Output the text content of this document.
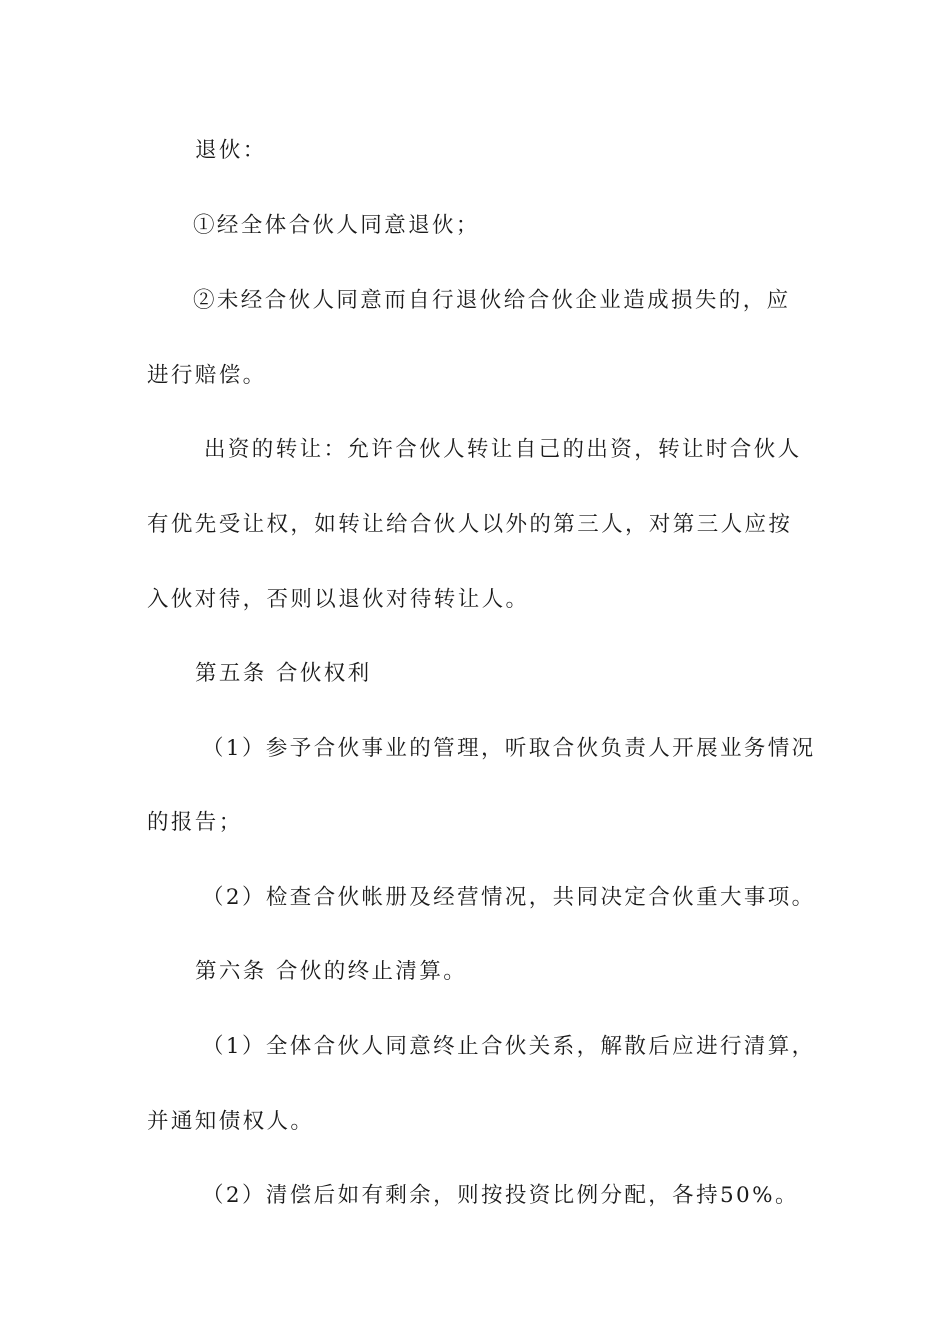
退伙：
①经全体合伙人同意退伙；
②未经合伙人同意而自行退伙给合伙企业造成损失的，应
进行赔偿。
出资的转让：允许合伙人转让自己的出资，转让时合伙人
有优先受让权，如转让给合伙人以外的第三人，对第三人应按
入伙对待，否则以退伙对待转让人。
第五条 合伙权利
（1）参予合伙事业的管理，听取合伙负责人开展业务情况
的报告；
（2）检查合伙帐册及经营情况，共同决定合伙重大事项。
第六条 合伙的终止清算。
（1）全体合伙人同意终止合伙关系，解散后应进行清算，
并通知债权人。
（2）清偿后如有剩余，则按投资比例分配，各持50%。
